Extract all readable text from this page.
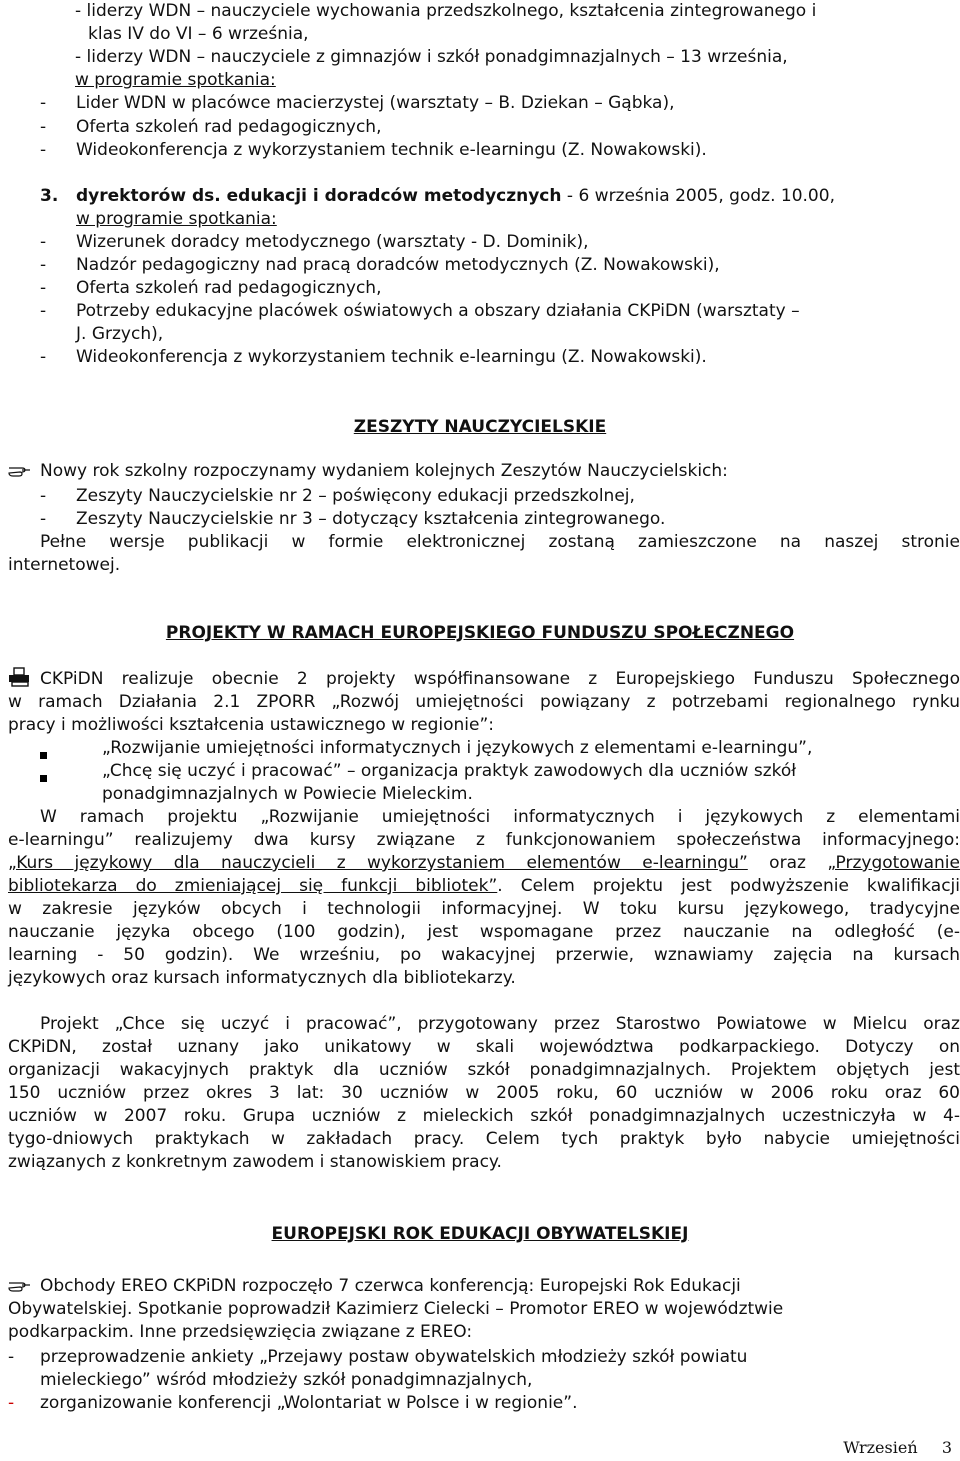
- liderzy WDN – nauczyciele wychowania przedszkolnego, kształcenia zintegrowanego i
klas IV do VI – 6 września,
- liderzy WDN – nauczyciele z gimnazjów i szkół ponadgimnazjalnych – 13 września,
w programie spotkania:
- Lider WDN w placówce macierzystej (warsztaty – B. Dziekan – Gąbka),
- Oferta szkoleń rad pedagogicznych,
- Wideokonferencja z wykorzystaniem technik e-learningu (Z. Nowakowski).
3. dyrektorów ds. edukacji i doradców metodycznych - 6 września 2005, godz. 10.00,
w programie spotkania:
- Wizerunek doradcy metodycznego (warsztaty - D. Dominik),
- Nadzór pedagogiczny nad pracą doradców metodycznych (Z. Nowakowski),
- Oferta szkoleń rad pedagogicznych,
- Potrzeby edukacyjne placówek oświatowych a obszary działania CKPiDN (warsztaty –
J. Grzych),
- Wideokonferencja z wykorzystaniem technik e-learningu (Z. Nowakowski).
ZESZYTY NAUCZYCIELSKIE
Nowy rok szkolny rozpoczynamy wydaniem kolejnych Zeszytów Nauczycielskich:
- Zeszyty Nauczycielskie nr 2 – poświęcony edukacji przedszkolnej,
- Zeszyty Nauczycielskie nr 3 – dotyczący kształcenia zintegrowanego.
Pełne wersje publikacji w formie elektronicznej zostaną zamieszczone na naszej stronie
internetowej.
PROJEKTY W RAMACH EUROPEJSKIEGO FUNDUSZU SPOŁECZNEGO
CKPiDN realizuje obecnie 2 projekty współfinansowane z Europejskiego Funduszu Społecznego
w ramach Działania 2.1 ZPORR „Rozwój umiejętności powiązany z potrzebami regionalnego rynku
pracy i możliwości kształcenia ustawicznego w regionie”:
„Rozwijanie umiejętności informatycznych i językowych z elementami e-learningu”,
„Chcę się uczyć i pracować” – organizacja praktyk zawodowych dla uczniów szkół
ponadgimnazjalnych w Powiecie Mieleckim.
W ramach projektu „Rozwijanie umiejętności informatycznych i językowych z elementami
e-learningu” realizujemy dwa kursy związane z funkcjonowaniem społeczeństwa informacyjnego:
„Kurs językowy dla nauczycieli z wykorzystaniem elementów e-learningu” oraz „Przygotowanie
bibliotekarza do zmieniającej się funkcji bibliotek”. Celem projektu jest podwyższenie kwalifikacji
w zakresie języków obcych i technologii informacyjnej. W toku kursu językowego, tradycyjne
nauczanie języka obcego (100 godzin), jest wspomagane przez nauczanie na odległość (e-
learning - 50 godzin). We wrześniu, po wakacyjnej przerwie, wznawiamy zajęcia na kursach
językowych oraz kursach informatycznych dla bibliotekarzy.
Projekt „Chce się uczyć i pracować”, przygotowany przez Starostwo Powiatowe w Mielcu oraz
CKPiDN, został uznany jako unikatowy w skali województwa podkarpackiego. Dotyczy on
organizacji wakacyjnych praktyk dla uczniów szkół ponadgimnazjalnych. Projektem objętych jest
150 uczniów przez okres 3 lat: 30 uczniów w 2005 roku, 60 uczniów w 2006 roku oraz 60
uczniów w 2007 roku. Grupa uczniów z mieleckich szkół ponadgimnazjalnych uczestniczyła w 4-
tygo-dniowych praktykach w zakładach pracy. Celem tych praktyk było nabycie umiejętności
związanych z konkretnym zawodem i stanowiskiem pracy.
EUROPEJSKI ROK EDUKACJI OBYWATELSKIEJ
Obchody EREO CKPiDN rozpoczęło 7 czerwca konferencją: Europejski Rok Edukacji
Obywatelskiej. Spotkanie poprowadził Kazimierz Cielecki – Promotor EREO w województwie
podkarpackim. Inne przedsięwzięcia związane z EREO:
- przeprowadzenie ankiety „Przejawy postaw obywatelskich młodzieży szkół powiatu
mieleckiego” wśród młodzieży szkół ponadgimnazjalnych,
- zorganizowanie konferencji „Wolontariat w Polsce i w regionie”.
Wrzesień 3
